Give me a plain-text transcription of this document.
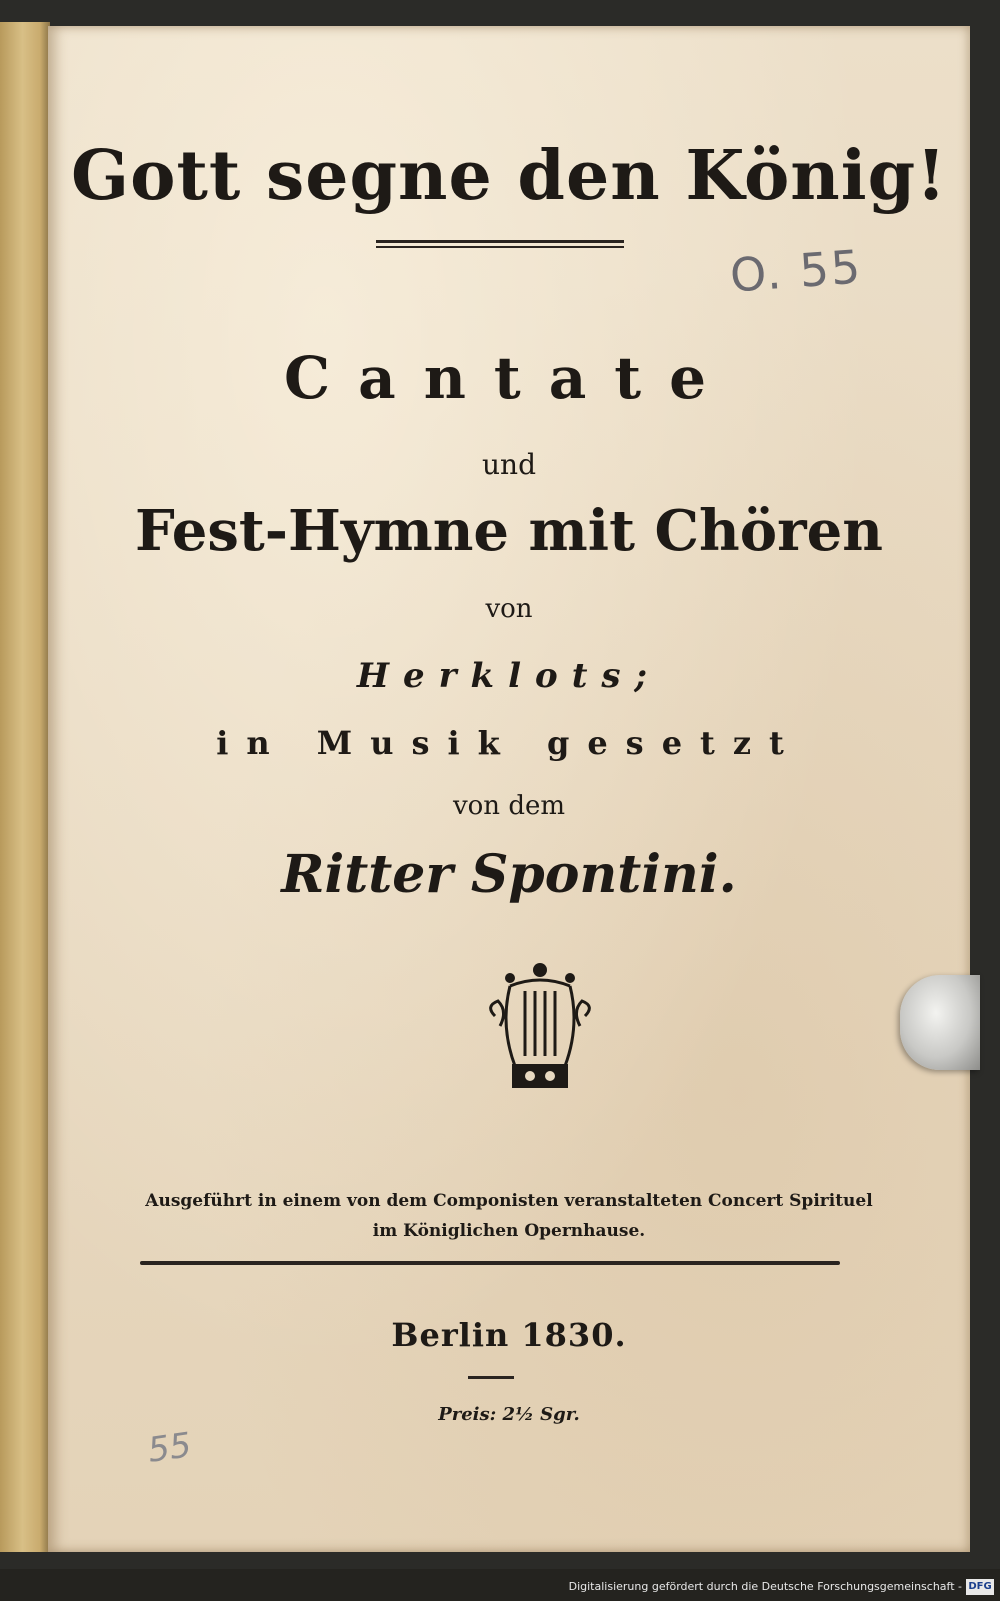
Gott segne den König!
O. 55
Cantate
und
Fest-Hymne mit Chören
von
Herklots;
in Musik gesetzt
von dem
Ritter Spontini.
Ausgeführt in einem von dem Componisten veranstalteten Concert Spirituel
im Königlichen Opernhause.
Berlin 1830.
Preis: 2½ Sgr.
55
Digitalisierung gefördert durch die Deutsche Forschungsgemeinschaft - DFG
